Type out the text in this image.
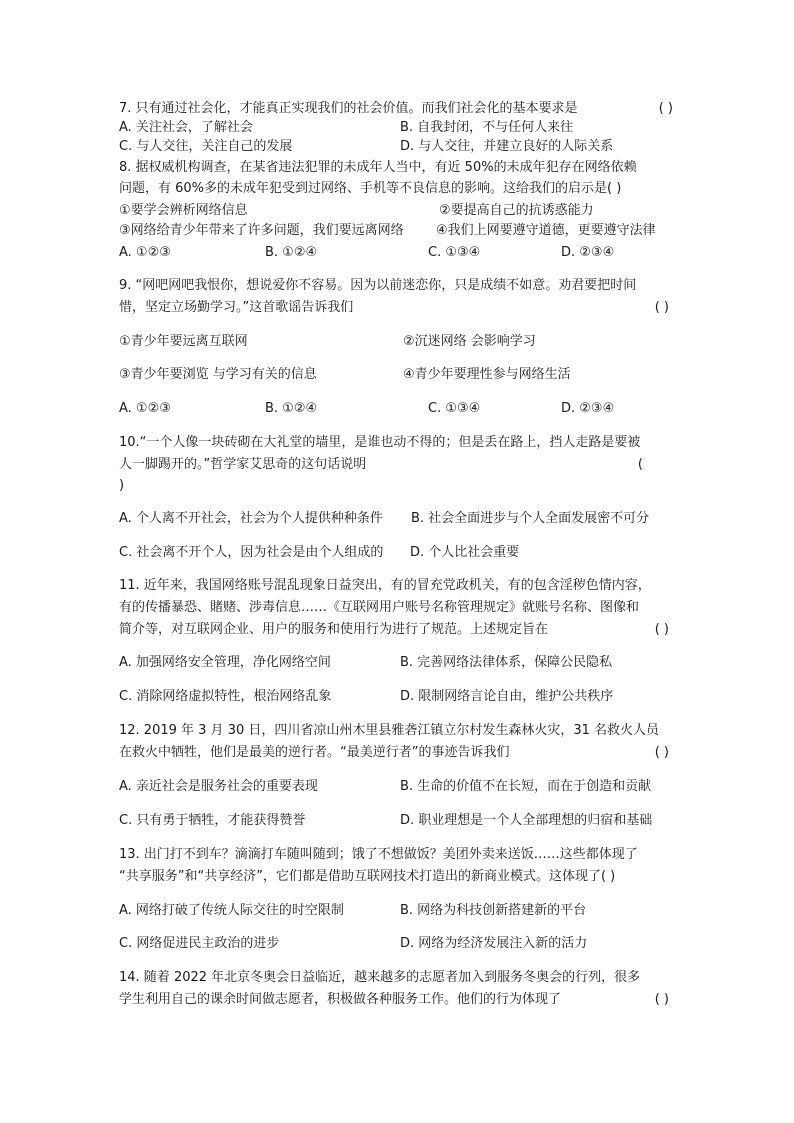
7. 只有通过社会化，才能真正实现我们的社会价值。而我们社会化的基本要求是	( )
A. 关注社会，了解社会	B. 自我封闭，不与任何人来往
C. 与人交往，关注自己的发展	D. 与人交往，并建立良好的人际关系
8. 据权威机构调查，在某省违法犯罪的未成年人当中，有近 50%的未成年犯存在网络依赖
问题，有 60%多的未成年犯受到过网络、手机等不良信息的影响。这给我们的启示是( )
①要学会辨析网络信息	②要提高自己的抗诱惑能力
③网络给青少年带来了许多问题，我们要远离网络 ④我们上网要遵守道德，更要遵守法律
A. ①②③	B. ①②④	C. ①③④	D. ②③④
9. “网吧网吧我恨你，想说爱你不容易。因为以前迷恋你，只是成绩不如意。劝君要把时间
惜，坚定立场勤学习。”这首歌谣告诉我们	( )
①青少年要远离互联网	②沉迷网络 会影响学习
③青少年要浏览 与学习有关的信息	④青少年要理性参与网络生活
A. ①②③	B. ①②④	C. ①③④	D. ②③④
10.“一个人像一块砖砌在大礼堂的墙里，是谁也动不得的；但是丢在路上，挡人走路是要被
人一脚踢开的。”哲学家艾思奇的这句话说明	(
)
A. 个人离不开社会，社会为个人提供种种条件 B. 社会全面进步与个人全面发展密不可分
C. 社会离不开个人，因为社会是由个人组成的 D. 个人比社会重要
11. 近年来，我国网络账号混乱现象日益突出，有的冒充党政机关，有的包含淫秽色情内容，
有的传播暴恐、賭赌、涉毒信息……《互联网用户账号名称管理规定》就账号名称、图像和
简介等，对互联网企业、用户的服务和使用行为进行了规范。上述规定旨在	( )
A. 加强网络安全管理，净化网络空间	B. 完善网络法律体系，保障公民隐私
C. 消除网络虚拟特性，根治网络乱象	D. 限制网络言论自由，维护公共秩序
12. 2019 年 3 月 30 日，四川省凉山州木里县雅砻江镇立尔村发生森林火灾，31 名救火人员
在救火中牺牲，他们是最美的逆行者。“最美逆行者”的事迹告诉我们	( )
A. 亲近社会是服务社会的重要表现	B. 生命的价值不在长短，而在于创造和贡献
C. 只有勇于牺牲，才能获得赞誉	D. 职业理想是一个人全部理想的归宿和基础
13. 出门打不到车？滴滴打车随叫随到；饿了不想做饭？美团外卖来送饭……这些都体现了
“共享服务”和“共享经济”，它们都是借助互联网技术打造出的新商业模式。这体现了( )
A. 网络打破了传统人际交往的时空限制	B. 网络为科技创新搭建新的平台
C. 网络促进民主政治的进步	D. 网络为经济发展注入新的活力
14. 随着 2022 年北京冬奥会日益临近，越来越多的志愿者加入到服务冬奥会的行列，很多
学生利用自己的课余时间做志愿者，积极做各种服务工作。他们的行为体现了	( )
